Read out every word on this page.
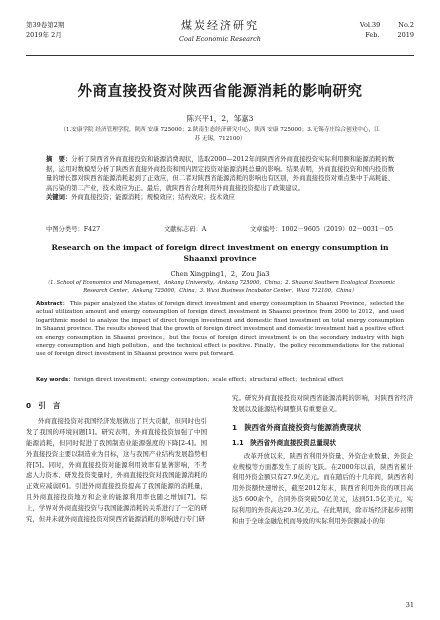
第39卷第2期
2019年 2月
煤炭经济研究
Coal Economic Research
Vol.39	No.2
Feb.	2019
外商直接投资对陕西省能源消耗的影响研究
陈兴平1，2，邹嘉3
（1.安康学院 经济管理学院，陕西 安康 725000；2.陕南生态经济研究中心，陕西 安康 725000；3.无锡寺庄综合创业中心，江苏 无锡，712100）
摘　要：分析了陕西省外商直接投资和能源消费现状，选取2000—2012年间陕西省外商直接投资实际利用额和能源消耗的数据，运用对数模型分析了陕西省直接外商投资和国内固定投资对能源消耗总量的影响。结果表明，外商直接投资和国内投资数量的增长都对陕西省能源消耗起到了正效应，但二者对陕西省能源消耗的影响也有区别，外商直接投资对重点集中于高耗能、高污染的第二产业，技术效应为正。最后，就陕西省合理利用外商直接投资提出了政策建议。
关键词：外商直接投资；能源消耗；规模效应；结构效应；技术效应
中图分类号：F427	文献标志码：A	文章编号：1002－9605（2019）02－0031－05
Research on the impact of foreign direct investment on energy consumption in Shaanxi province
Chen Xingping1，2，Zou Jia3
（1. School of Economics and Management，Ankang University，Ankang 725000，China；2. Shaanxi Southern Ecological Economic Research Center，Ankang 725000，China；3. Wuxi Business Incubator Center，Wuxi 712100，China）
Abstract： This paper analyzed the status of foreign direct investment and energy consumption in Shaanxi Province，selected the actual utilization amount and energy consumption of foreign direct investment in Shaanxi province from 2000 to 2012，and used logarithmic model to analyze the impact of direct foreign investment and domestic fixed investment on total energy consumption in Shaanxi province. The results showed that the growth of foreign direct investment and domestic investment had a positive effect on energy consumption in Shaanxi province，but the focus of foreign direct investment is on the secondary industry with high energy consumption and high pollution，and the technical effect is positive. Finally，the policy recommendations for the rational use of foreign direct investment in Shaanxi province were put forward.
Key words：foreign direct investment；energy consumption；scale effect；structural effect；technical effect
0　引　言

外商直接投资对我国经济发展做出了巨大贡献，但同时也引发了我国的环境问题[1]。研究表明，外商直接投资加强了中国能源消耗，但同时促进了我国制造业能源强度的下降[2-4]。国外直接投资主要以制造业为目标，这与我国产业结构发展趋势相符[5]。同时，外商直接投资对能源利用效率有显著影响，不考虑人力资本、研发投资变量时，外商直接投资对我国能源消耗的正效应减弱[6]。引进外商直接投资提高了我国能源的消耗量，且外商直接投资地方和企业的能源利用率也随之增加[7]。综上，学界对外商直接投资与我国能源消耗的关系进行了一定的研究，但并未就外商直接投资对陕西省能源消耗的影响进行专门研

究。研究外商直接投资对陕西省能源消耗的影响，对陕西省经济发展以及能源结构调整具有重要意义。

1　陕西省外商直接投资与能源消费现状
1.1　陕西省外商直接投资总量现状

改革开放以来，陕西省利用外资量、外资企业数量、外资企业规模等方面都发生了质的飞跃。在2000年以前，陕西省累计利用外资金额只有27.9亿美元。而在随后的十几年间，陕西省利用外资额快速增长，截至2012年末，陕西省利用外资的项目高达5 600余个，合同外资突破50亿美元，达到51.5亿美元，实际利用的外资高达29.3亿美元。在此期间，除市场经济起步初期和由于全球金融危机而导致的实际利用外资额减小的年

31
